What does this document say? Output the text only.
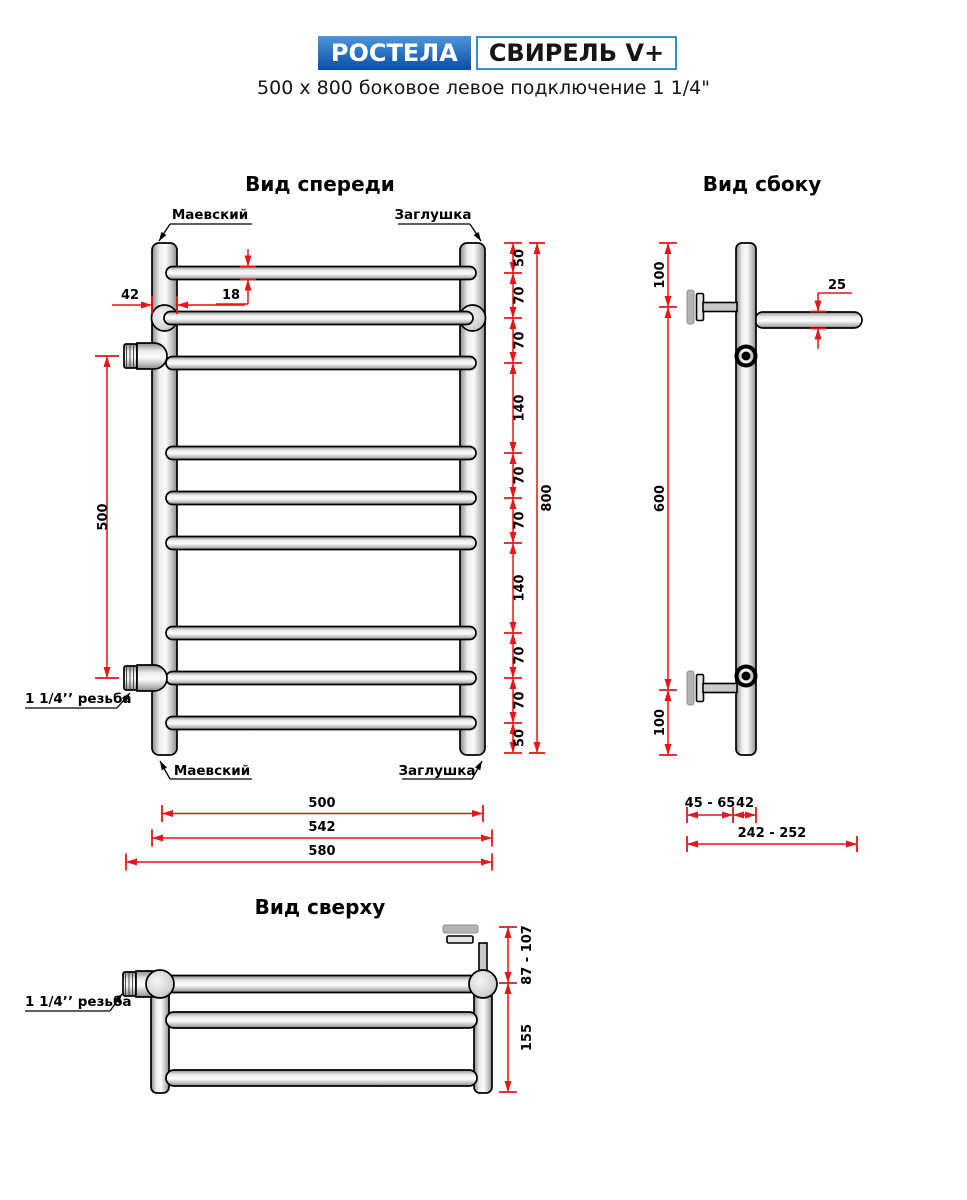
РОСТЕЛА	СВИРЕЛЬ V+
500 x 800 боковое левое подключение 1 1/4"
Вид спереди
Маевский	Заглушка
Маевский	Заглушка
1 1/4’’ резьба
42	18
500
50
70
70
140
70
70
140
70
70
50
800
500
542
580
Вид сбоку
100
600
100
25
45 - 65 42
242 - 252
Вид сверху
87 - 107
155
1 1/4’’ резьба
